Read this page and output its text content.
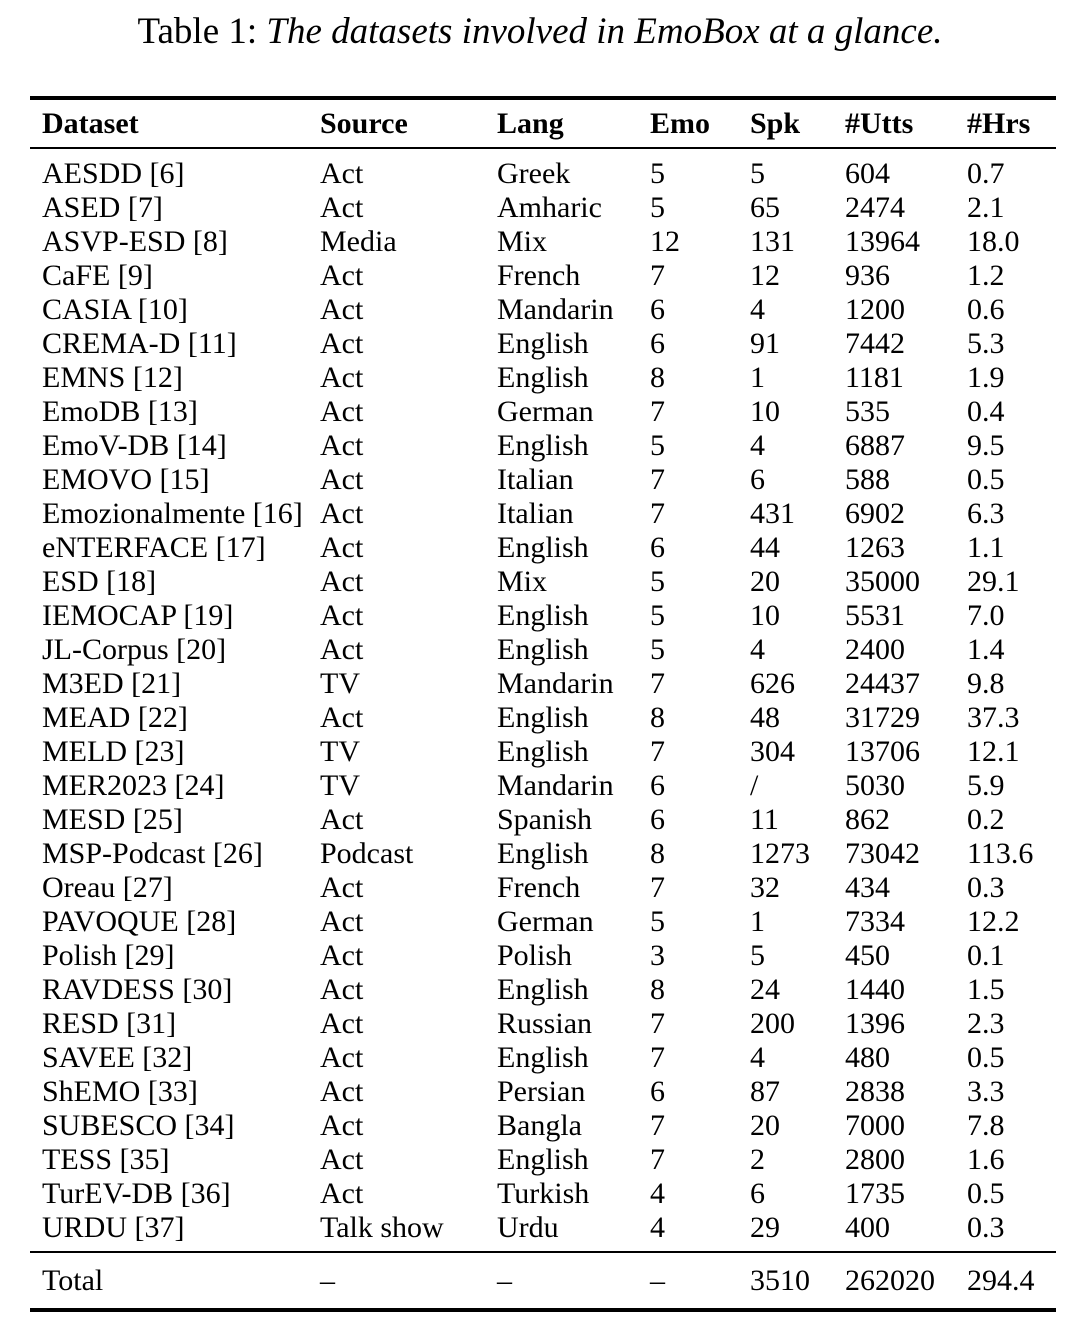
Table 1: The datasets involved in EmoBox at a glance.
Dataset	Source	Lang	Emo	Spk	#Utts	#Hrs
AESDD [6]	Act	Greek	5	5	604	0.7
ASED [7]	Act	Amharic	5	65	2474	2.1
ASVP-ESD [8]	Media	Mix	12	131	13964	18.0
CaFE [9]	Act	French	7	12	936	1.2
CASIA [10]	Act	Mandarin	6	4	1200	0.6
CREMA-D [11]	Act	English	6	91	7442	5.3
EMNS [12]	Act	English	8	1	1181	1.9
EmoDB [13]	Act	German	7	10	535	0.4
EmoV-DB [14]	Act	English	5	4	6887	9.5
EMOVO [15]	Act	Italian	7	6	588	0.5
Emozionalmente [16]	Act	Italian	7	431	6902	6.3
eNTERFACE [17]	Act	English	6	44	1263	1.1
ESD [18]	Act	Mix	5	20	35000	29.1
IEMOCAP [19]	Act	English	5	10	5531	7.0
JL-Corpus [20]	Act	English	5	4	2400	1.4
M3ED [21]	TV	Mandarin	7	626	24437	9.8
MEAD [22]	Act	English	8	48	31729	37.3
MELD [23]	TV	English	7	304	13706	12.1
MER2023 [24]	TV	Mandarin	6	/	5030	5.9
MESD [25]	Act	Spanish	6	11	862	0.2
MSP-Podcast [26]	Podcast	English	8	1273	73042	113.6
Oreau [27]	Act	French	7	32	434	0.3
PAVOQUE [28]	Act	German	5	1	7334	12.2
Polish [29]	Act	Polish	3	5	450	0.1
RAVDESS [30]	Act	English	8	24	1440	1.5
RESD [31]	Act	Russian	7	200	1396	2.3
SAVEE [32]	Act	English	7	4	480	0.5
ShEMO [33]	Act	Persian	6	87	2838	3.3
SUBESCO [34]	Act	Bangla	7	20	7000	7.8
TESS [35]	Act	English	7	2	2800	1.6
TurEV-DB [36]	Act	Turkish	4	6	1735	0.5
URDU [37]	Talk show	Urdu	4	29	400	0.3
Total	–	–	–	3510	262020	294.4
